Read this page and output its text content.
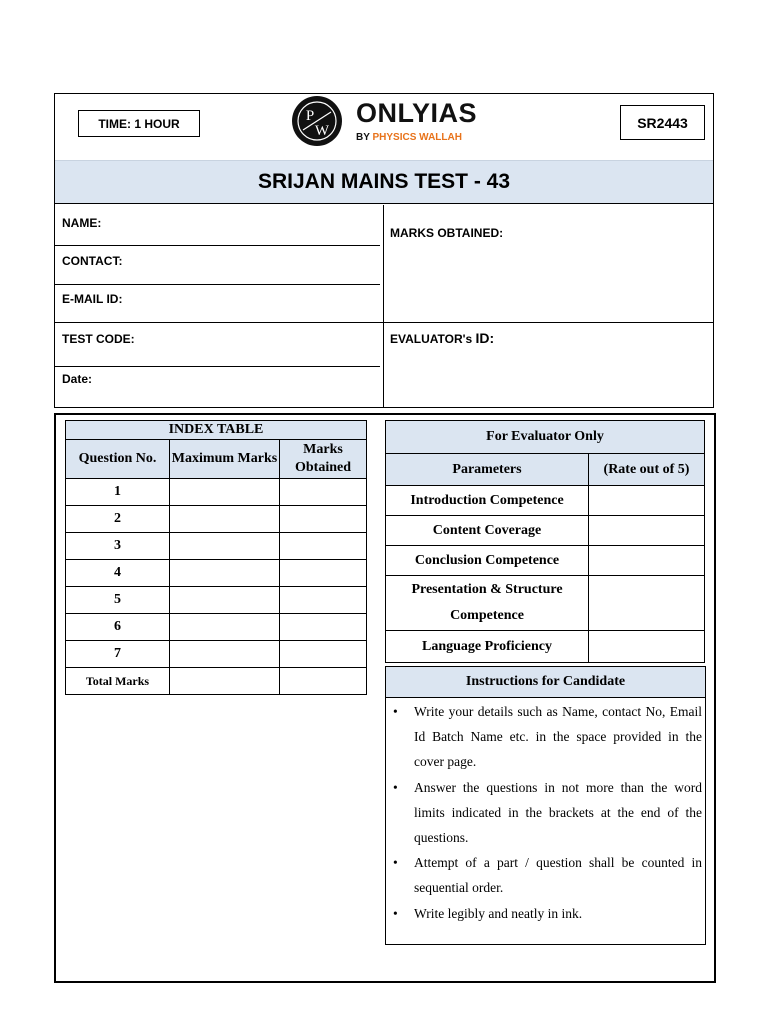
TIME: 1 HOUR	P
W
ONLYIAS
BY PHYSICS WALLAH
SR2443
SRIJAN MAINS TEST - 43
NAME:
CONTACT:
E-MAIL ID:
TEST CODE:
Date:
MARKS OBTAINED:
EVALUATOR's ID:
INDEX TABLE		
Question No.	Maximum Marks	Marks Obtained
1		
2		
3		
4		
5		
6		
7		
Total Marks		
For Evaluator Only	
Parameters	(Rate out of 5)
Introduction Competence	
Content Coverage	
Conclusion Competence	
Presentation & Structure Competence	
Language Proficiency	
Instructions for Candidate
• Write your details such as Name, contact No, Email Id Batch Name etc. in the space provided in the cover page.
• Answer the questions in not more than the word limits indicated in the brackets at the end of the questions.
• Attempt of a part / question shall be counted in sequential order.
• Write legibly and neatly in ink.
